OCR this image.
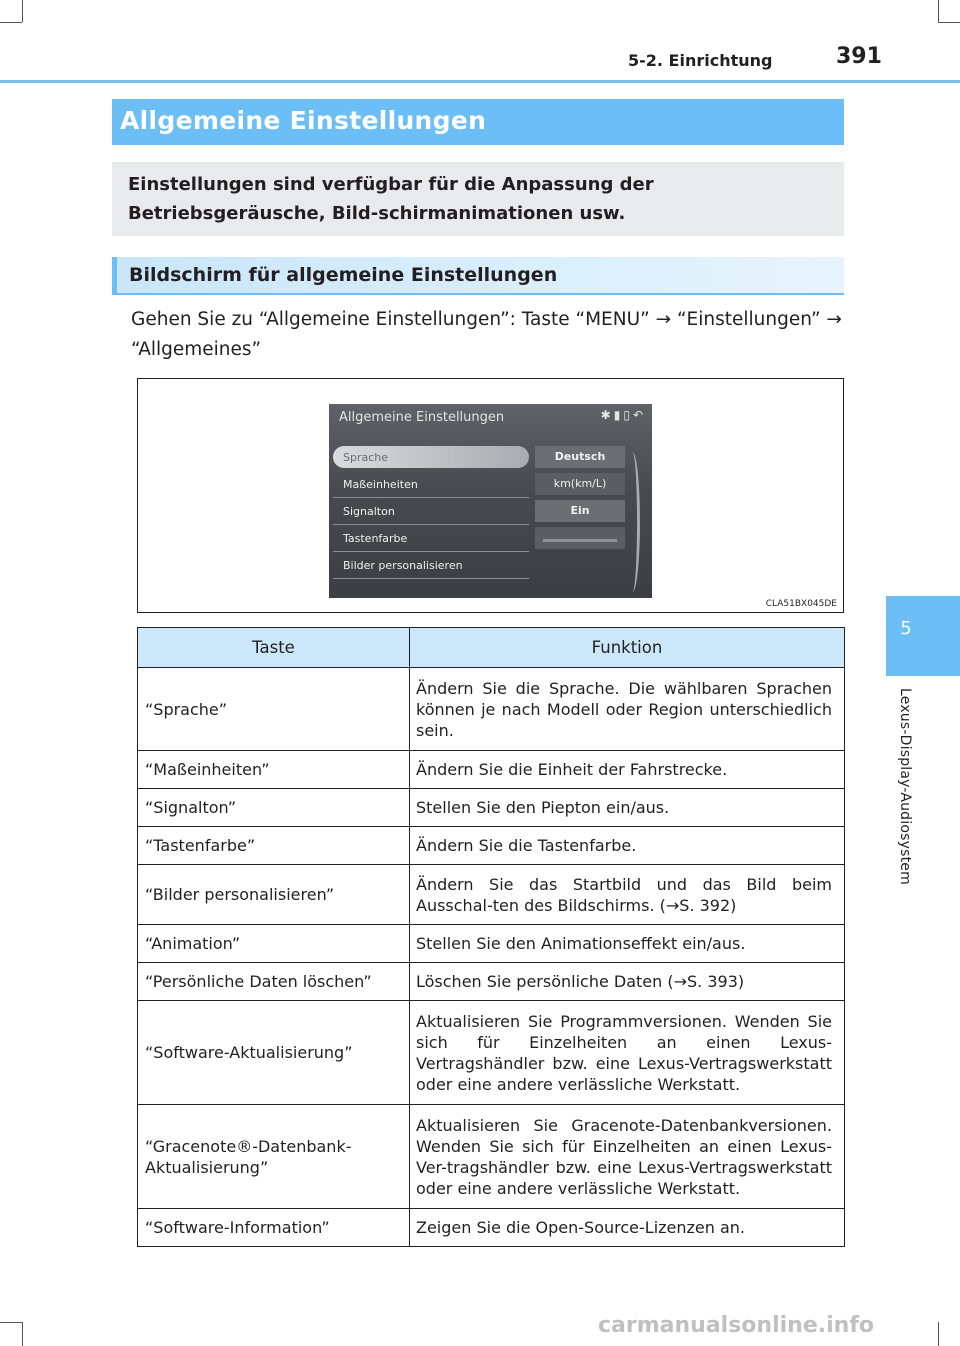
5-2. Einrichtung	391
5
Lexus-Display-Audiosystem
Allgemeine Einstellungen

Einstellungen sind verfügbar für die Anpassung der Betriebsgeräusche, Bild-schirmanimationen usw.

Bildschirm für allgemeine Einstellungen

Gehen Sie zu “Allgemeine Einstellungen”: Taste “MENU” → “Einstellungen” → “Allgemeines”

Allgemeine Einstellungen	✱▮▯↶
Sprache	Deutsch
Maßeinheiten	km(km/L)
Signalton	Ein
Tastenfarbe
Bilder personalisieren
CLA51BX045DE
Taste	Funktion
“Sprache”	Ändern Sie die Sprache. Die wählbaren Sprachen können je nach Modell oder Region unterschiedlich sein.
“Maßeinheiten”	Ändern Sie die Einheit der Fahrstrecke.
“Signalton”	Stellen Sie den Piepton ein/aus.
“Tastenfarbe”	Ändern Sie die Tastenfarbe.
“Bilder personalisieren”	Ändern Sie das Startbild und das Bild beim Ausschal-ten des Bildschirms. (→S. 392)
“Animation”	Stellen Sie den Animationseffekt ein/aus.
“Persönliche Daten löschen”	Löschen Sie persönliche Daten (→S. 393)
“Software-Aktualisierung”	Aktualisieren Sie Programmversionen. Wenden Sie sich für Einzelheiten an einen Lexus-Vertragshändler bzw. eine Lexus-Vertragswerkstatt oder eine andere verlässliche Werkstatt.
“Gracenote®-Datenbank-Aktualisierung”	Aktualisieren Sie Gracenote-Datenbankversionen. Wenden Sie sich für Einzelheiten an einen Lexus-Ver-tragshändler bzw. eine Lexus-Vertragswerkstatt oder eine andere verlässliche Werkstatt.
“Software-Information”	Zeigen Sie die Open-Source-Lizenzen an.
carmanualsonline.info
